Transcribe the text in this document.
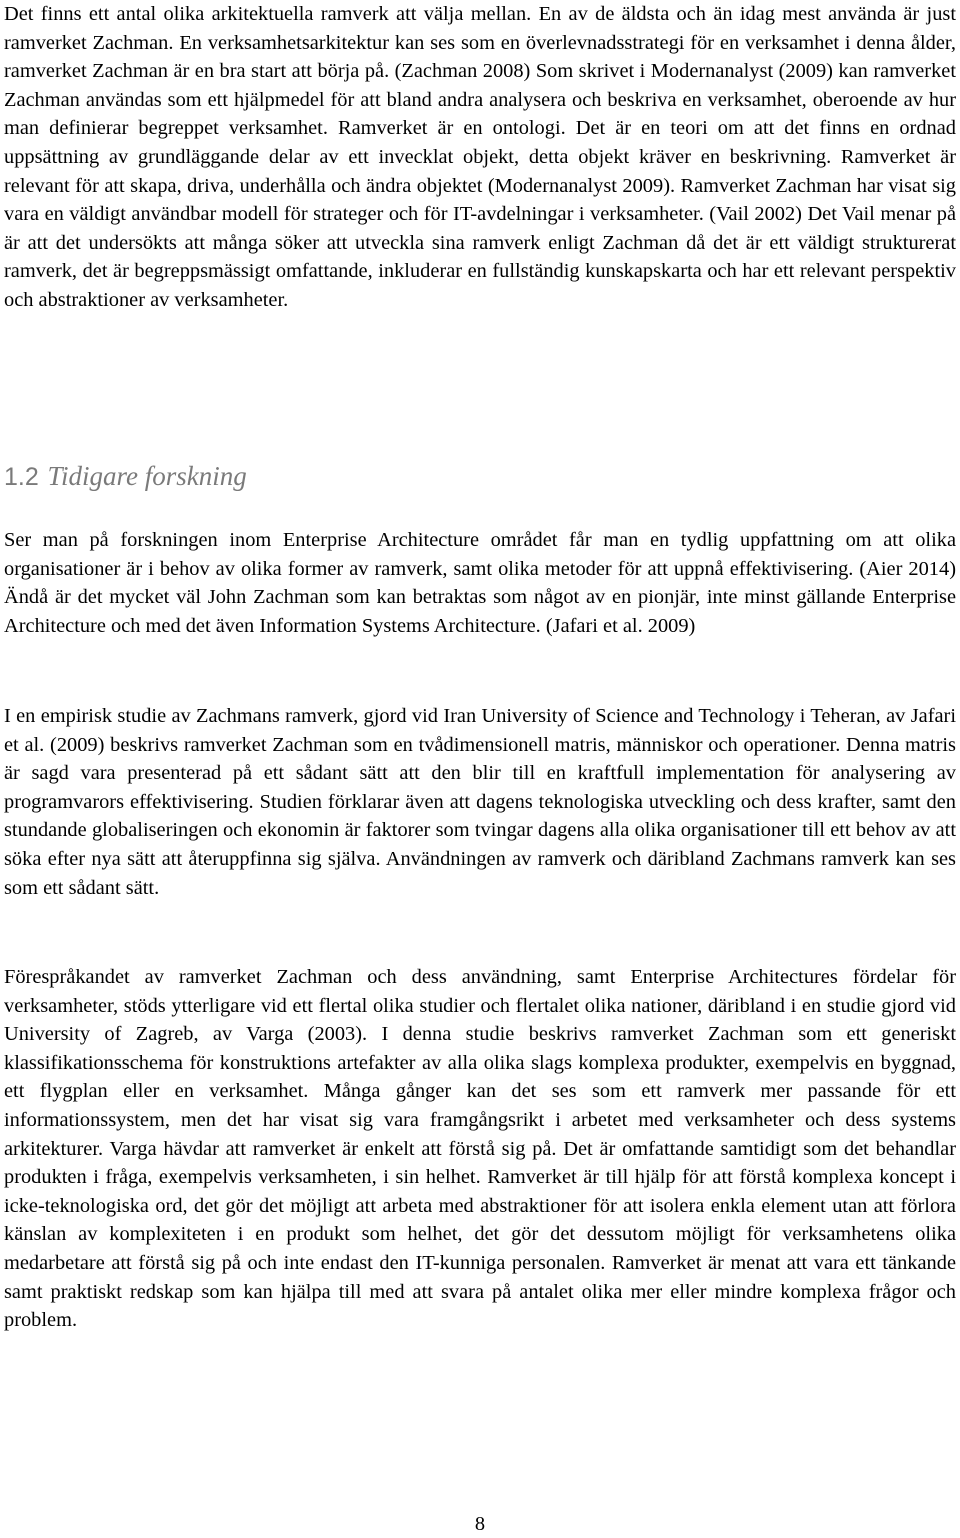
Det finns ett antal olika arkitektuella ramverk att välja mellan. En av de äldsta och än idag mest använda är just ramverket Zachman. En verksamhetsarkitektur kan ses som en överlevnadsstrategi för en verksamhet i denna ålder, ramverket Zachman är en bra start att börja på. (Zachman 2008) Som skrivet i Modernanalyst (2009) kan ramverket Zachman användas som ett hjälpmedel för att bland andra analysera och beskriva en verksamhet, oberoende av hur man definierar begreppet verksamhet. Ramverket är en ontologi. Det är en teori om att det finns en ordnad uppsättning av grundläggande delar av ett invecklat objekt, detta objekt kräver en beskrivning. Ramverket är relevant för att skapa, driva, underhålla och ändra objektet (Modernanalyst 2009). Ramverket Zachman har visat sig vara en väldigt användbar modell för strateger och för IT-avdelningar i verksamheter. (Vail 2002) Det Vail menar på är att det undersökts att många söker att utveckla sina ramverk enligt Zachman då det är ett väldigt strukturerat ramverk, det är begreppsmässigt omfattande, inkluderar en fullständig kunskapskarta och har ett relevant perspektiv och abstraktioner av verksamheter.

1.2 Tidigare forskning

Ser man på forskningen inom Enterprise Architecture området får man en tydlig uppfattning om att olika organisationer är i behov av olika former av ramverk, samt olika metoder för att uppnå effektivisering. (Aier 2014) Ändå är det mycket väl John Zachman som kan betraktas som något av en pionjär, inte minst gällande Enterprise Architecture och med det även Information Systems Architecture. (Jafari et al. 2009)

I en empirisk studie av Zachmans ramverk, gjord vid Iran University of Science and Technology i Teheran, av Jafari et al. (2009) beskrivs ramverket Zachman som en tvådimensionell matris, människor och operationer. Denna matris är sagd vara presenterad på ett sådant sätt att den blir till en kraftfull implementation för analysering av programvarors effektivisering. Studien förklarar även att dagens teknologiska utveckling och dess krafter, samt den stundande globaliseringen och ekonomin är faktorer som tvingar dagens alla olika organisationer till ett behov av att söka efter nya sätt att återuppfinna sig själva. Användningen av ramverk och däribland Zachmans ramverk kan ses som ett sådant sätt.

Förespråkandet av ramverket Zachman och dess användning, samt Enterprise Architectures fördelar för verksamheter, stöds ytterligare vid ett flertal olika studier och flertalet olika nationer, däribland i en studie gjord vid University of Zagreb, av Varga (2003). I denna studie beskrivs ramverket Zachman som ett generiskt klassifikationsschema för konstruktions artefakter av alla olika slags komplexa produkter, exempelvis en byggnad, ett flygplan eller en verksamhet. Många gånger kan det ses som ett ramverk mer passande för ett informationssystem, men det har visat sig vara framgångsrikt i arbetet med verksamheter och dess systems arkitekturer. Varga hävdar att ramverket är enkelt att förstå sig på. Det är omfattande samtidigt som det behandlar produkten i fråga, exempelvis verksamheten, i sin helhet. Ramverket är till hjälp för att förstå komplexa koncept i icke-teknologiska ord, det gör det möjligt att arbeta med abstraktioner för att isolera enkla element utan att förlora känslan av komplexiteten i en produkt som helhet, det gör det dessutom möjligt för verksamhetens olika medarbetare att förstå sig på och inte endast den IT-kunniga personalen. Ramverket är menat att vara ett tänkande samt praktiskt redskap som kan hjälpa till med att svara på antalet olika mer eller mindre komplexa frågor och problem.

8
